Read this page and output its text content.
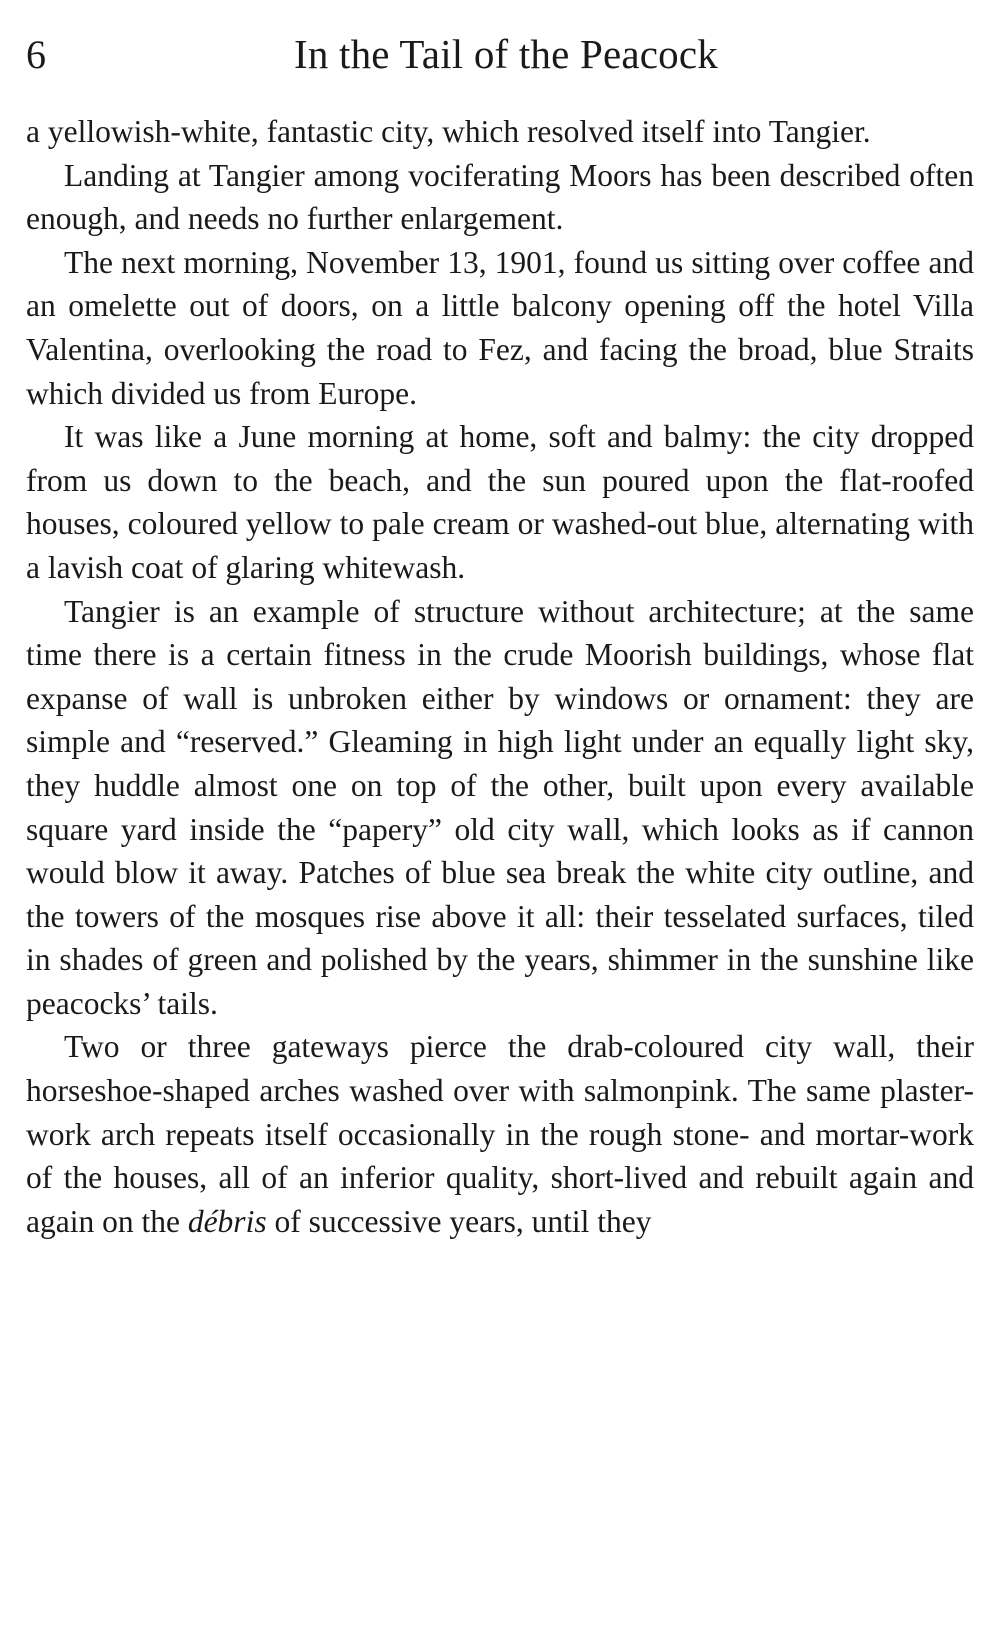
6	In the Tail of the Peacock

a yellowish-white, fantastic city, which resolved itself into Tangier.

Landing at Tangier among vociferating Moors has been described often enough, and needs no further enlargement.

The next morning, November 13, 1901, found us sitting over coffee and an omelette out of doors, on a little balcony opening off the hotel Villa Valentina, overlooking the road to Fez, and facing the broad, blue Straits which divided us from Europe.

It was like a June morning at home, soft and balmy: the city dropped from us down to the beach, and the sun poured upon the flat-roofed houses, coloured yellow to pale cream or washed-out blue, alternating with a lavish coat of glaring whitewash.

Tangier is an example of structure without architecture; at the same time there is a certain fitness in the crude Moorish buildings, whose flat expanse of wall is unbroken either by windows or ornament: they are simple and “reserved.” Gleaming in high light under an equally light sky, they huddle almost one on top of the other, built upon every available square yard inside the “papery” old city wall, which looks as if cannon would blow it away. Patches of blue sea break the white city outline, and the towers of the mosques rise above it all: their tesselated surfaces, tiled in shades of green and polished by the years, shimmer in the sunshine like peacocks’ tails.

Two or three gateways pierce the drab-coloured city wall, their horseshoe-shaped arches washed over with salmonpink. The same plaster-work arch repeats itself occasionally in the rough stone- and mortar-work of the houses, all of an inferior quality, short-lived and rebuilt again and again on the débris of successive years, until they
